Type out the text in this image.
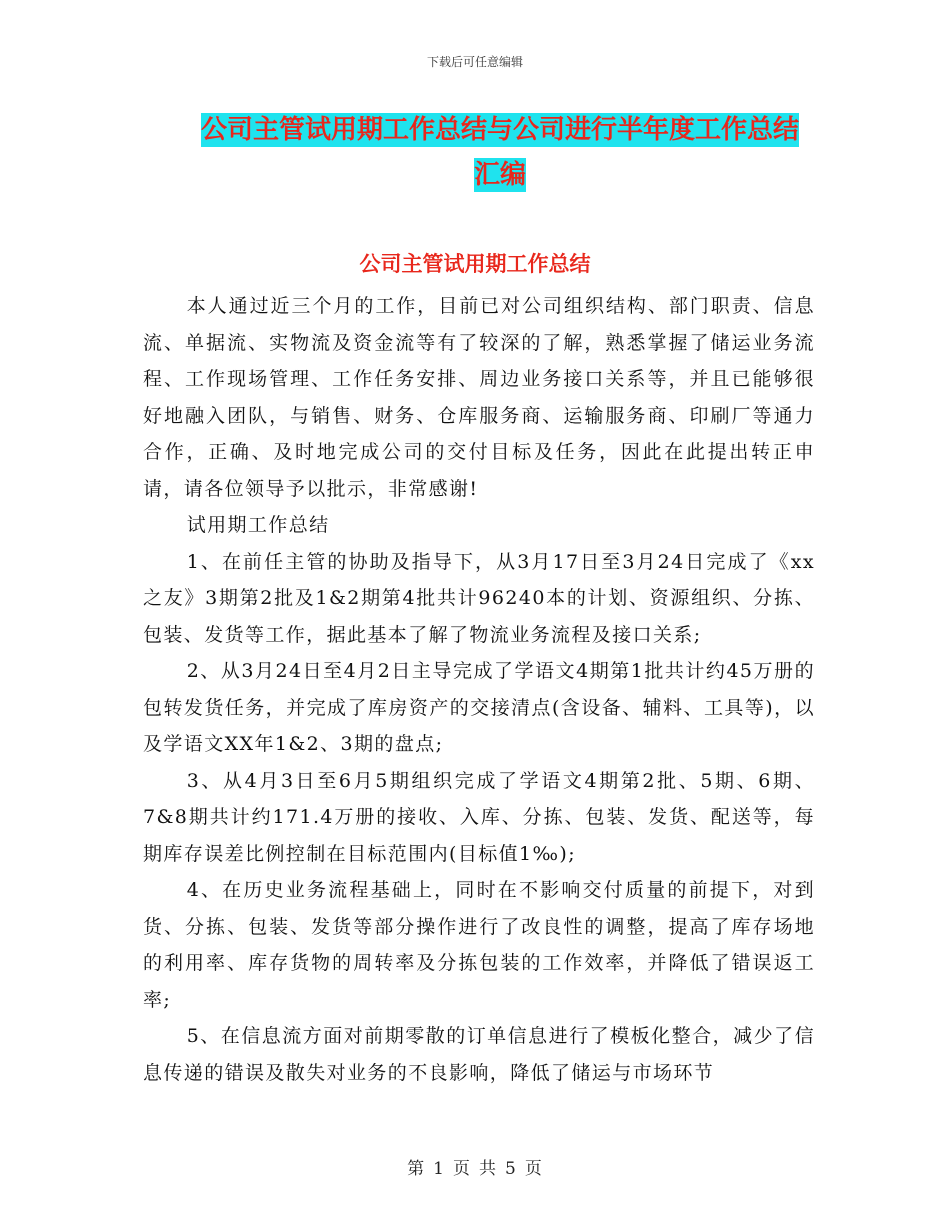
下载后可任意编辑
公司主管试用期工作总结与公司进行半年度工作总结
汇编
公司主管试用期工作总结

本人通过近三个月的工作，目前已对公司组织结构、部门职责、信息流、单据流、实物流及资金流等有了较深的了解，熟悉掌握了储运业务流程、工作现场管理、工作任务安排、周边业务接口关系等，并且已能够很好地融入团队，与销售、财务、仓库服务商、运输服务商、印刷厂等通力合作，正确、及时地完成公司的交付目标及任务，因此在此提出转正申请，请各位领导予以批示，非常感谢!

试用期工作总结

1、在前任主管的协助及指导下，从3月17日至3月24日完成了《xx之友》3期第2批及1&2期第4批共计96240本的计划、资源组织、分拣、包装、发货等工作，据此基本了解了物流业务流程及接口关系;

2、从3月24日至4月2日主导完成了学语文4期第1批共计约45万册的包转发货任务，并完成了库房资产的交接清点(含设备、辅料、工具等)，以及学语文XX年1&2、3期的盘点;

3、从4月3日至6月5期组织完成了学语文4期第2批、5期、6期、7&8期共计约171.4万册的接收、入库、分拣、包装、发货、配送等，每期库存误差比例控制在目标范围内(目标值1‰);

4、在历史业务流程基础上，同时在不影响交付质量的前提下，对到货、分拣、包装、发货等部分操作进行了改良性的调整，提高了库存场地的利用率、库存货物的周转率及分拣包装的工作效率，并降低了错误返工率;

5、在信息流方面对前期零散的订单信息进行了模板化整合，减少了信息传递的错误及散失对业务的不良影响，降低了储运与市场环节

第 1 页 共 5 页
